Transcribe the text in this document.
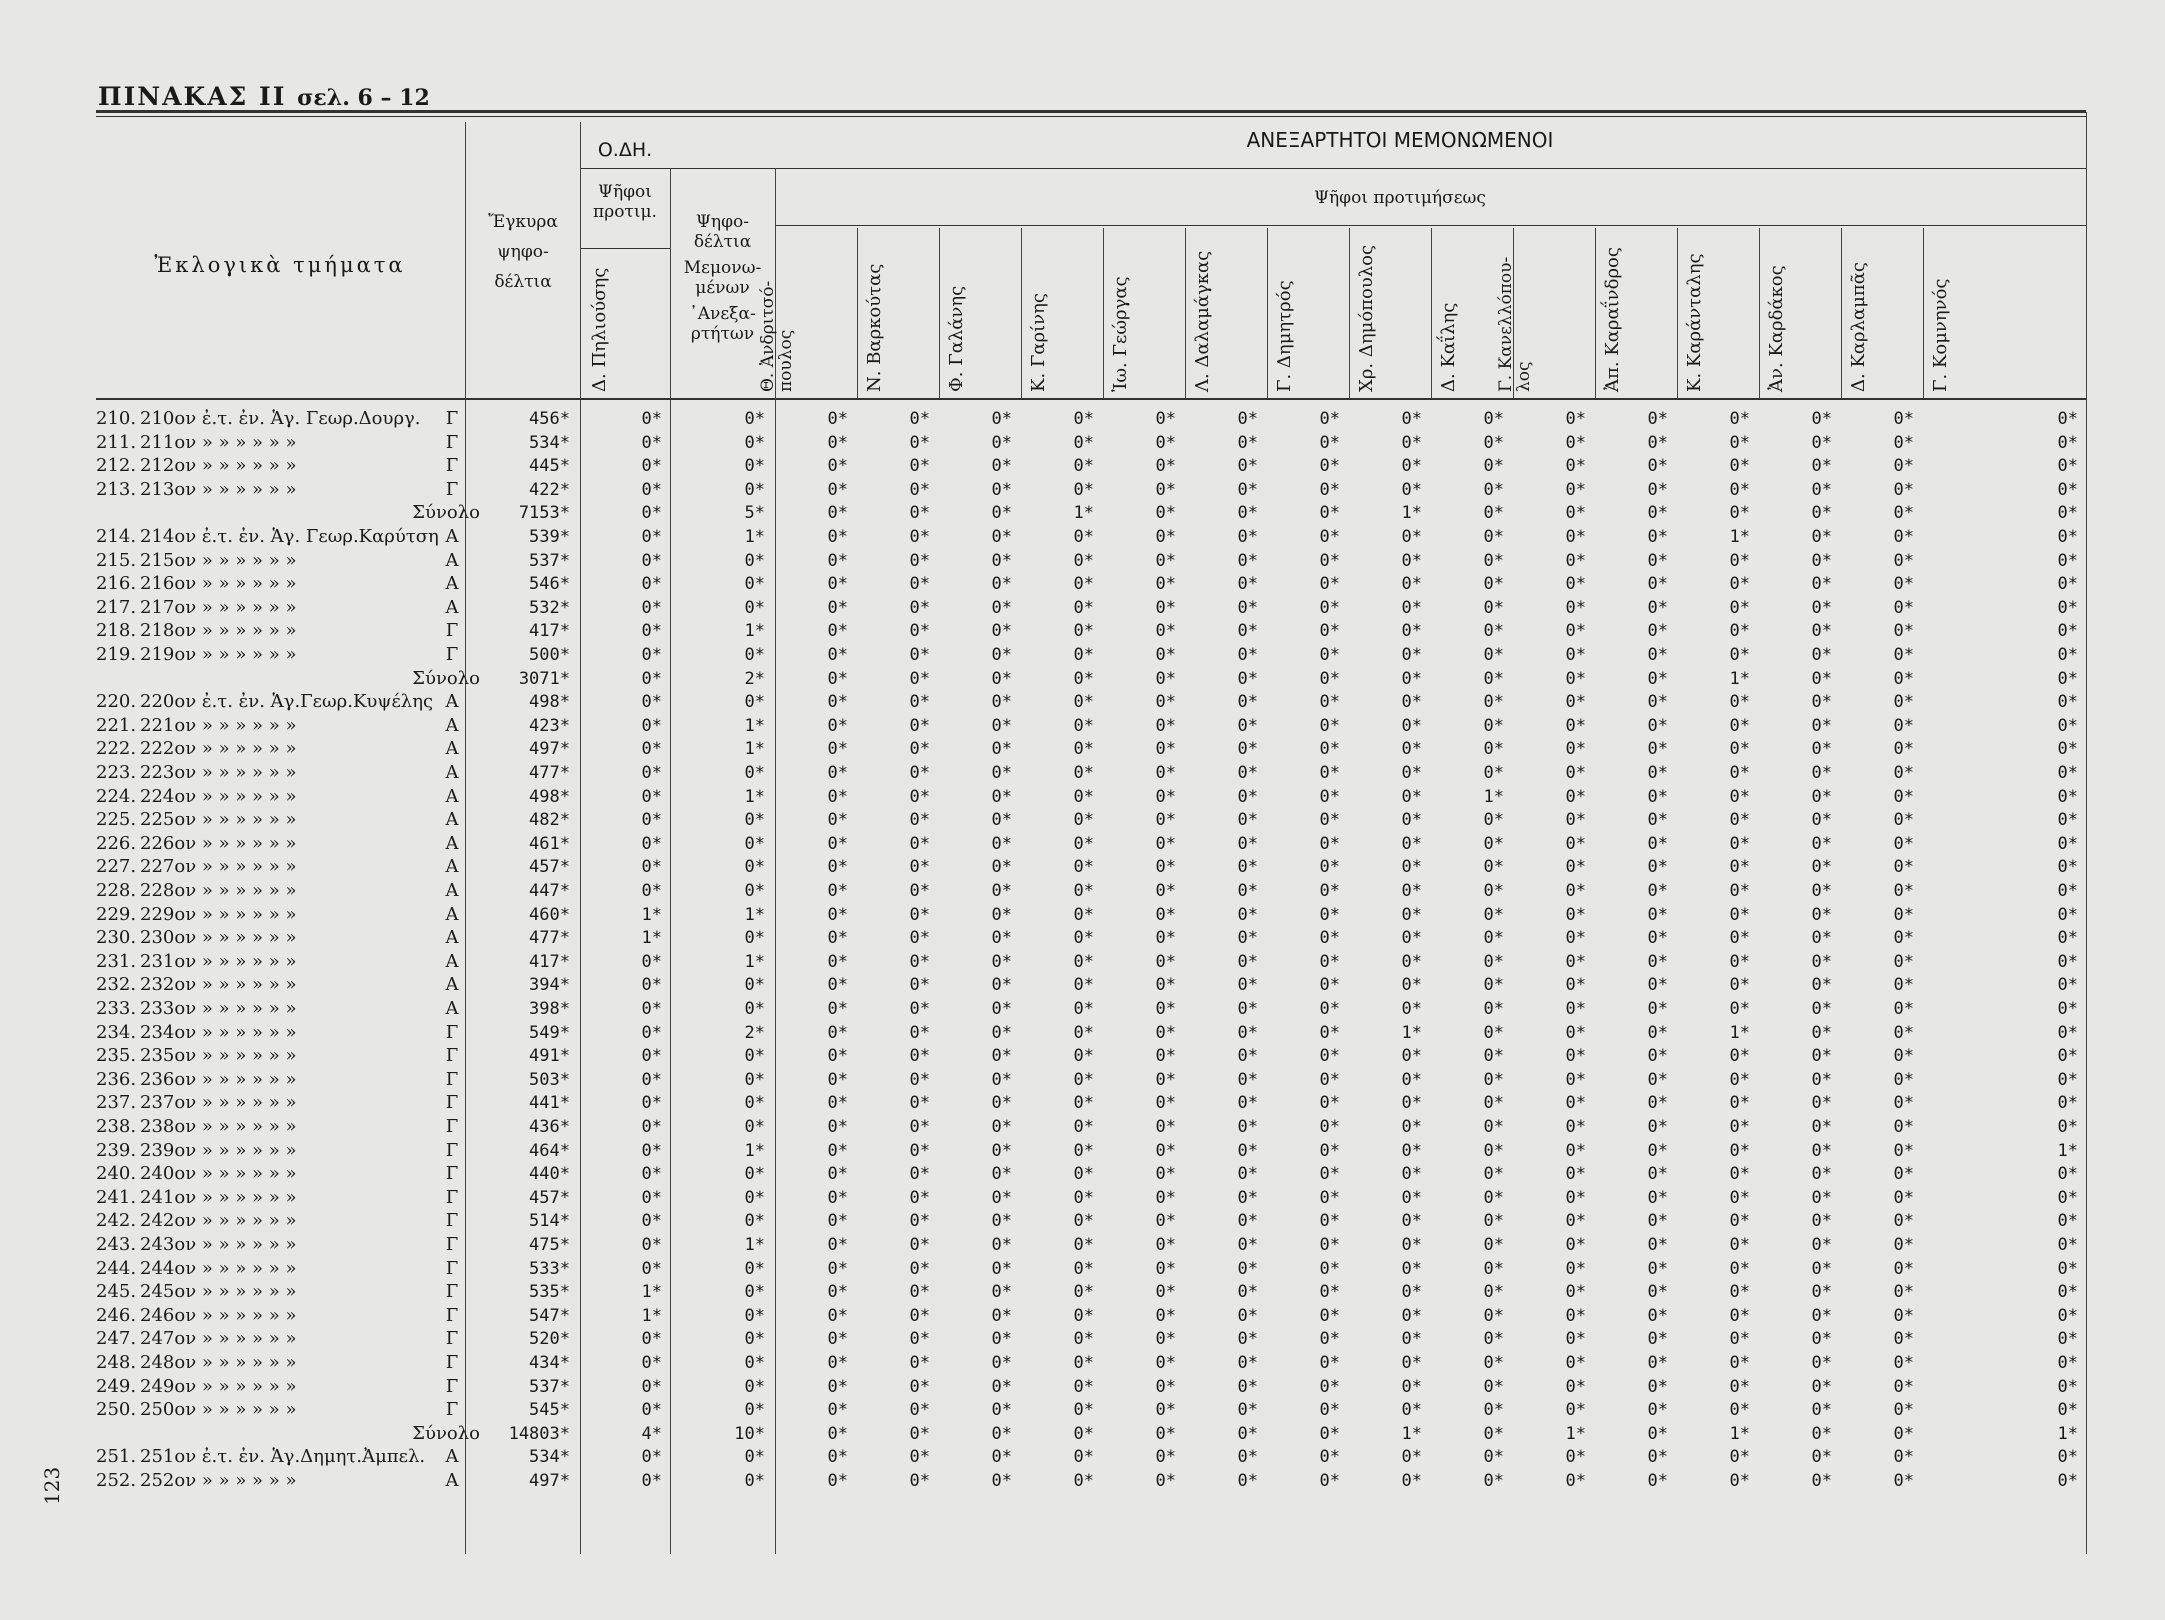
ΠΙΝΑΚΑΣ ΙΙ σελ. 6 – 12
123
Ἐκλογικὰ τμήματα
Ἔγκυρα
ψηφο-
δέλτια
Ο.ΔΗ.
Ψῆφοι
προτιμ.
ΑΝΕΞΑΡΤΗΤΟΙ ΜΕΜΟΝΩΜΕΝΟΙ
Ψῆφοι προτιμήσεως
Ψηφο-
δέλτια
Μεμονω-
μένων
᾿Ανεξα-
ρτήτων
Δ. Πηλιούσης	Θ. Ἀνδριτσό-
πουλος	Ν. Βαρκούτας	Φ. Γαλάνης	Κ. Γαρίνης	Ἰω. Γεώργας	Λ. Δαλαμάγκας	Γ. Δημητρός	Χρ. Δημόπουλος	Δ. Καΐλης Γ. Κανελλόπου-
λος	Ἀπ. Καραΐνδρος	Κ. Καράνταλης	Ἀν. Καρδάκος	Δ. Καρλαμπᾶς	Γ. Κομνηνός
210. 210ον ἐ.τ. ἐν. Ἁγ. Γεωρ.Δουργ. Γ	456*	0*	0*	0*	0*	0*	0*	0*	0*	0*	0*	0*	0*	0*	0*	0*	0*	0*
211. 211ον » » » » » »	Γ	534*	0*	0*	0*	0*	0*	0*	0*	0*	0*	0*	0*	0*	0*	0*	0*	0*	0*
212. 212ον » » » » » »	Γ	445*	0*	0*	0*	0*	0*	0*	0*	0*	0*	0*	0*	0*	0*	0*	0*	0*	0*
213. 213ον » » » » » »	Γ	422*	0*	0*	0*	0*	0*	0*	0*	0*	0*	0*	0*	0*	0*	0*	0*	0*	0*
Σύνολο	7153*	0*	5*	0*	0*	0*	1*	0*	0*	0*	1*	0*	0*	0*	0*	0*	0*	0*
214. 214ον ἐ.τ. ἐν. Ἁγ. Γεωρ.Καρύτση Α	539*	0*	1*	0*	0*	0*	0*	0*	0*	0*	0*	0*	0*	0*	1*	0*	0*	0*
215. 215ον » » » » » »	Α	537*	0*	0*	0*	0*	0*	0*	0*	0*	0*	0*	0*	0*	0*	0*	0*	0*	0*
216. 216ον » » » » » »	Α	546*	0*	0*	0*	0*	0*	0*	0*	0*	0*	0*	0*	0*	0*	0*	0*	0*	0*
217. 217ον » » » » » »	Α	532*	0*	0*	0*	0*	0*	0*	0*	0*	0*	0*	0*	0*	0*	0*	0*	0*	0*
218. 218ον » » » » » »	Γ	417*	0*	1*	0*	0*	0*	0*	0*	0*	0*	0*	0*	0*	0*	0*	0*	0*	0*
219. 219ον » » » » » »	Γ	500*	0*	0*	0*	0*	0*	0*	0*	0*	0*	0*	0*	0*	0*	0*	0*	0*	0*
Σύνολο	3071*	0*	2*	0*	0*	0*	0*	0*	0*	0*	0*	0*	0*	0*	1*	0*	0*	0*
220. 220ον ἐ.τ. ἐν. Ἁγ.Γεωρ.Κυψέλης Α	498*	0*	0*	0*	0*	0*	0*	0*	0*	0*	0*	0*	0*	0*	0*	0*	0*	0*
221. 221ον » » » » » »	Α	423*	0*	1*	0*	0*	0*	0*	0*	0*	0*	0*	0*	0*	0*	0*	0*	0*	0*
222. 222ον » » » » » »	Α	497*	0*	1*	0*	0*	0*	0*	0*	0*	0*	0*	0*	0*	0*	0*	0*	0*	0*
223. 223ον » » » » » »	Α	477*	0*	0*	0*	0*	0*	0*	0*	0*	0*	0*	0*	0*	0*	0*	0*	0*	0*
224. 224ον » » » » » »	Α	498*	0*	1*	0*	0*	0*	0*	0*	0*	0*	0*	1*	0*	0*	0*	0*	0*	0*
225. 225ον » » » » » »	Α	482*	0*	0*	0*	0*	0*	0*	0*	0*	0*	0*	0*	0*	0*	0*	0*	0*	0*
226. 226ον » » » » » »	Α	461*	0*	0*	0*	0*	0*	0*	0*	0*	0*	0*	0*	0*	0*	0*	0*	0*	0*
227. 227ον » » » » » »	Α	457*	0*	0*	0*	0*	0*	0*	0*	0*	0*	0*	0*	0*	0*	0*	0*	0*	0*
228. 228ον » » » » » »	Α	447*	0*	0*	0*	0*	0*	0*	0*	0*	0*	0*	0*	0*	0*	0*	0*	0*	0*
229. 229ον » » » » » »	Α	460*	1*	1*	0*	0*	0*	0*	0*	0*	0*	0*	0*	0*	0*	0*	0*	0*	0*
230. 230ον » » » » » »	Α	477*	1*	0*	0*	0*	0*	0*	0*	0*	0*	0*	0*	0*	0*	0*	0*	0*	0*
231. 231ον » » » » » »	Α	417*	0*	1*	0*	0*	0*	0*	0*	0*	0*	0*	0*	0*	0*	0*	0*	0*	0*
232. 232ον » » » » » »	Α	394*	0*	0*	0*	0*	0*	0*	0*	0*	0*	0*	0*	0*	0*	0*	0*	0*	0*
233. 233ον » » » » » »	Α	398*	0*	0*	0*	0*	0*	0*	0*	0*	0*	0*	0*	0*	0*	0*	0*	0*	0*
234. 234ον » » » » » »	Γ	549*	0*	2*	0*	0*	0*	0*	0*	0*	0*	1*	0*	0*	0*	1*	0*	0*	0*
235. 235ον » » » » » »	Γ	491*	0*	0*	0*	0*	0*	0*	0*	0*	0*	0*	0*	0*	0*	0*	0*	0*	0*
236. 236ον » » » » » »	Γ	503*	0*	0*	0*	0*	0*	0*	0*	0*	0*	0*	0*	0*	0*	0*	0*	0*	0*
237. 237ον » » » » » »	Γ	441*	0*	0*	0*	0*	0*	0*	0*	0*	0*	0*	0*	0*	0*	0*	0*	0*	0*
238. 238ον » » » » » »	Γ	436*	0*	0*	0*	0*	0*	0*	0*	0*	0*	0*	0*	0*	0*	0*	0*	0*	0*
239. 239ον » » » » » »	Γ	464*	0*	1*	0*	0*	0*	0*	0*	0*	0*	0*	0*	0*	0*	0*	0*	0*	1*
240. 240ον » » » » » »	Γ	440*	0*	0*	0*	0*	0*	0*	0*	0*	0*	0*	0*	0*	0*	0*	0*	0*	0*
241. 241ον » » » » » »	Γ	457*	0*	0*	0*	0*	0*	0*	0*	0*	0*	0*	0*	0*	0*	0*	0*	0*	0*
242. 242ον » » » » » »	Γ	514*	0*	0*	0*	0*	0*	0*	0*	0*	0*	0*	0*	0*	0*	0*	0*	0*	0*
243. 243ον » » » » » »	Γ	475*	0*	1*	0*	0*	0*	0*	0*	0*	0*	0*	0*	0*	0*	0*	0*	0*	0*
244. 244ον » » » » » »	Γ	533*	0*	0*	0*	0*	0*	0*	0*	0*	0*	0*	0*	0*	0*	0*	0*	0*	0*
245. 245ον » » » » » »	Γ	535*	1*	0*	0*	0*	0*	0*	0*	0*	0*	0*	0*	0*	0*	0*	0*	0*	0*
246. 246ον » » » » » »	Γ	547*	1*	0*	0*	0*	0*	0*	0*	0*	0*	0*	0*	0*	0*	0*	0*	0*	0*
247. 247ον » » » » » »	Γ	520*	0*	0*	0*	0*	0*	0*	0*	0*	0*	0*	0*	0*	0*	0*	0*	0*	0*
248. 248ον » » » » » »	Γ	434*	0*	0*	0*	0*	0*	0*	0*	0*	0*	0*	0*	0*	0*	0*	0*	0*	0*
249. 249ον » » » » » »	Γ	537*	0*	0*	0*	0*	0*	0*	0*	0*	0*	0*	0*	0*	0*	0*	0*	0*	0*
250. 250ον » » » » » »	Γ	545*	0*	0*	0*	0*	0*	0*	0*	0*	0*	0*	0*	0*	0*	0*	0*	0*	0*
Σύνολο	14803*	4*	10*	0*	0*	0*	0*	0*	0*	0*	1*	0*	1*	0*	1*	0*	0*	1*
251. 251ον ἐ.τ. ἐν. Ἁγ.Δημητ.Ἀμπελ. Α	534*	0*	0*	0*	0*	0*	0*	0*	0*	0*	0*	0*	0*	0*	0*	0*	0*	0*
252. 252ον » » » » » »	Α	497*	0*	0*	0*	0*	0*	0*	0*	0*	0*	0*	0*	0*	0*	0*	0*	0*	0*
